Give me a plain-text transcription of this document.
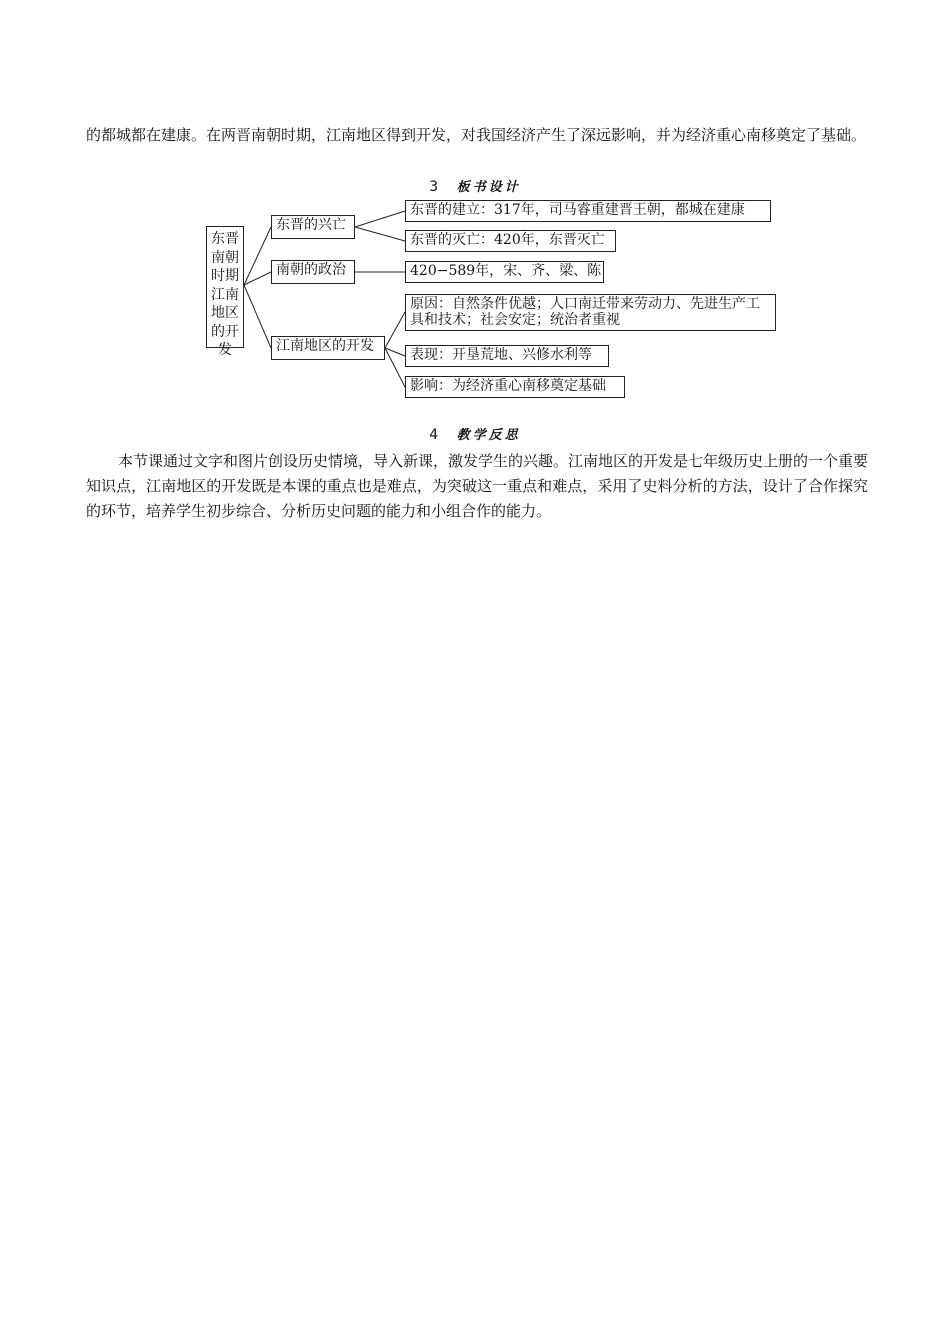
的都城都在建康。在两晋南朝时期，江南地区得到开发，对我国经济产生了深远影响，并为经济重心南移奠定了基础。

3 板书设计

东晋南朝时期江南地区的开发
东晋的兴亡
南朝的政治
江南地区的开发
东晋的建立：317年，司马睿重建晋王朝，都城在建康
东晋的灭亡：420年，东晋灭亡
420−589年，宋、齐、梁、陈
原因：自然条件优越；人口南迁带来劳动力、先进生产工具和技术；社会安定；统治者重视
表现：开垦荒地、兴修水利等
影响：为经济重心南移奠定基础

4 教学反思

本节课通过文字和图片创设历史情境，导入新课，激发学生的兴趣。江南地区的开发是七年级历史上册的一个重要知识点，江南地区的开发既是本课的重点也是难点，为突破这一重点和难点，采用了史料分析的方法，设计了合作探究的环节，培养学生初步综合、分析历史问题的能力和小组合作的能力。
